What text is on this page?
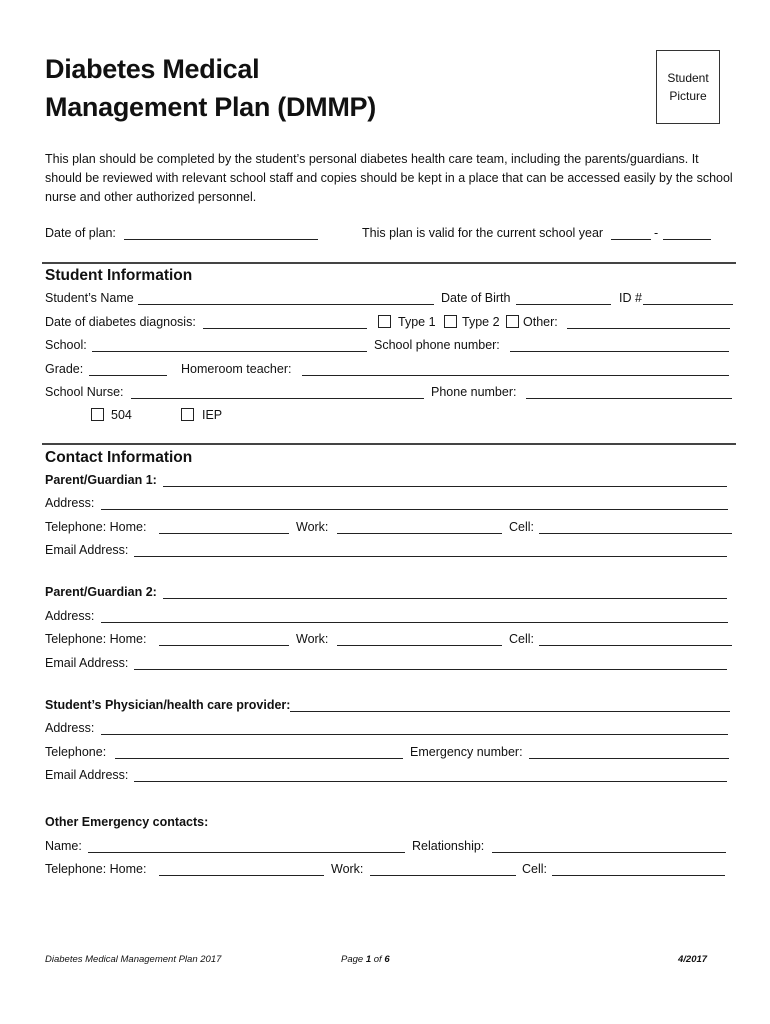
Diabetes Medical
Management Plan (DMMP)
Student
Picture
This plan should be completed by the student’s personal diabetes health care team, including the parents/guardians. It should be reviewed with relevant school staff and copies should be kept in a place that can be accessed easily by the school nurse and other authorized personnel.
Date of plan:	This plan is valid for the current school year	-
Student Information
Student’s Name	Date of Birth	ID #
Date of diabetes diagnosis:	Type 1 Type 2 Other:
School:	School phone number:
Grade:	Homeroom teacher:
School Nurse:	Phone number:
504	IEP
Contact Information
Parent/Guardian 1:
Address:
Telephone: Home:	Work:	Cell:
Email Address:
Parent/Guardian 2:
Address:
Telephone: Home:	Work:	Cell:
Email Address:
Student’s Physician/health care provider:
Address:
Telephone:	Emergency number:
Email Address:
Other Emergency contacts:
Name:	Relationship:
Telephone: Home:	Work:	Cell:
Diabetes Medical Management Plan 2017	Page 1 of 6	4/2017
